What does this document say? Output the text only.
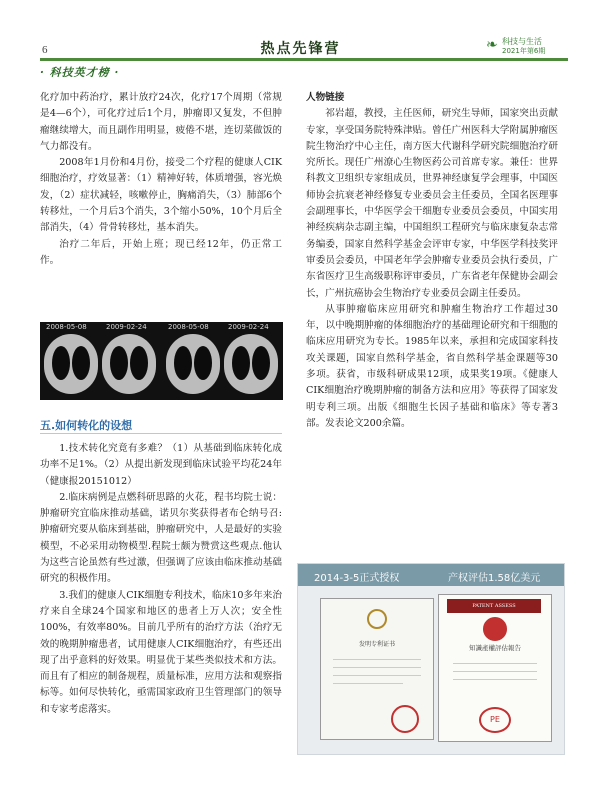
6	热点先锋营	❧ 科技与生活
2021年第6期
· 科技英才榜 ·

化疗加中药治疗，累计放疗24次，化疗17个周期（常规是4—6个），可化疗过后1个月，肿瘤即又复发，不但肿瘤继续增大，而且副作用明显，疲倦不堪，连切菜做饭的气力都没有。

2008年1月份和4月份，接受二个疗程的健康人CIK细胞治疗，疗效显著：（1）精神好转，体质增强，容光焕发，（2）症状减轻，咳嗽停止，胸痛消失，（3）肺部6个转移灶，一个月后3个消失，3个缩小50%，10个月后全部消失，（4）骨骨转移灶，基本消失。

治疗二年后，开始上班；现已经12年，仍正常工作。

2008-05-08	2009-02-24	2008-05-08	2009-02-24
五.如何转化的设想

1.技术转化究竟有多难？（1）从基础到临床转化成功率不足1%。（2）从提出新发现到临床试验平均花24年（健康报20151012）

2.临床病例是点燃科研思路的火花，程书均院士说：肿瘤研究宜临床推动基础，诺贝尔奖获得者布仑纳号召:肿瘤研究要从临床到基础，肿瘤研究中，人是最好的实验模型，不必采用动物模型.程院士颇为赞赏这些观点.他认为这些言论虽然有些过激，但强调了应该由临床推动基础研究的积极作用。

3.我们的健康人CIK细胞专利技术，临床10多年来治疗来自全球24个国家和地区的患者上万人次；安全性100%，有效率80%。目前几乎所有的治疗方法（治疗无效的晚期肿瘤患者，试用健康人CIK细胞治疗，有些还出现了出乎意料的好效果。明显优于某些类似技术和方法。而且有了相应的制备规程，质量标准，应用方法和观察指标等。如何尽快转化，亟需国家政府卫生管理部门的领导和专家考虑落实。

人物链接

祁岩超，教授，主任医师，研究生导师，国家突出贡献专家，享受国务院特殊津贴。曾任广州医科大学附属肿瘤医院生物治疗中心主任，南方医大代谢科学研究院细胞治疗研究所长。现任广州潦心生物医药公司首席专家。兼任：世界科教文卫组织专家组成员，世界神经康复学会理事，中国医师协会抗衰老神经修复专业委员会主任委员，全国名医理事会副理事长，中华医学会干细胞专业委员会委员，中国实用神经疾病杂志副主编，中国组织工程研究与临床康复杂志常务编委，国家自然科学基金会评审专家，中华医学科技奖评审委员会委员，中国老年学会肿瘤专业委员会执行委员，广东省医疗卫生高级职称评审委员，广东省老年保健协会副会长，广州抗癌协会生物治疗专业委员会副主任委员。

从事肿瘤临床应用研究和肿瘤生物治疗工作超过30年，以中晚期肿瘤的体细胞治疗的基础理论研究和干细胞的临床应用研究为专长。1985年以来，承担和完成国家科技攻关课题，国家自然科学基金，省自然科学基金课题等30多项。获省，市级科研成果12项，成果奖19项。《健康人CIK细胞治疗晚期肿瘤的制备方法和应用》等获得了国家发明专利三项。出版《细胞生长因子基础和临床》等专著3部。发表论文200余篇。

2014-3-5正式授权	产权评估1.58亿美元
发明专利证书
PATENT ASSESS
知識產權評估報告
PE
